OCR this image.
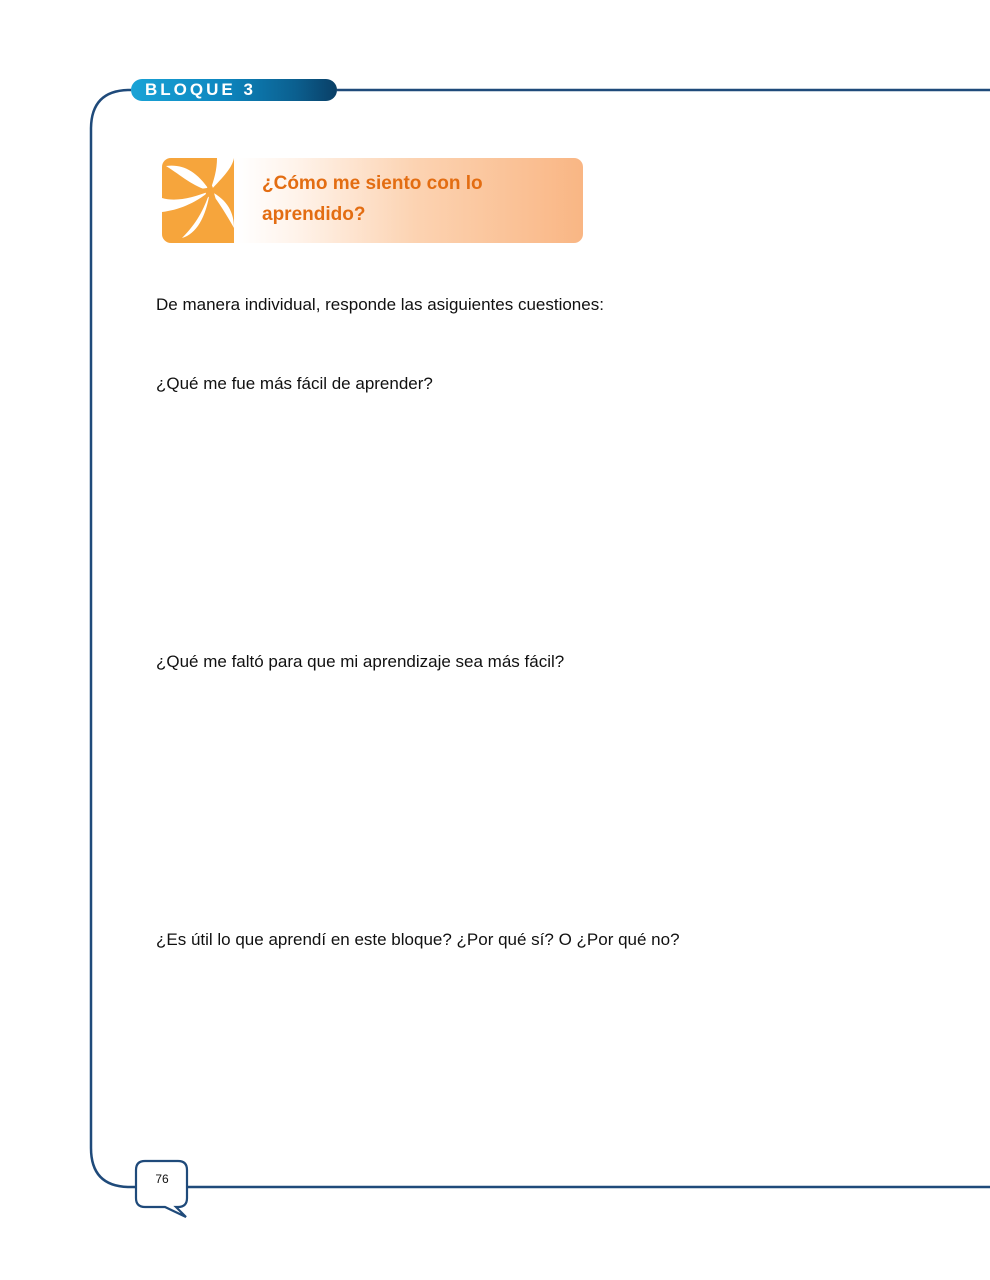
BLOQUE 3
¿Cómo me siento con lo
aprendido?
De manera individual, responde las asiguientes cuestiones:
¿Qué me fue más fácil de aprender?
¿Qué me faltó para que mi aprendizaje sea más fácil?
¿Es útil lo que aprendí en este bloque? ¿Por qué sí? O ¿Por qué no?
76
